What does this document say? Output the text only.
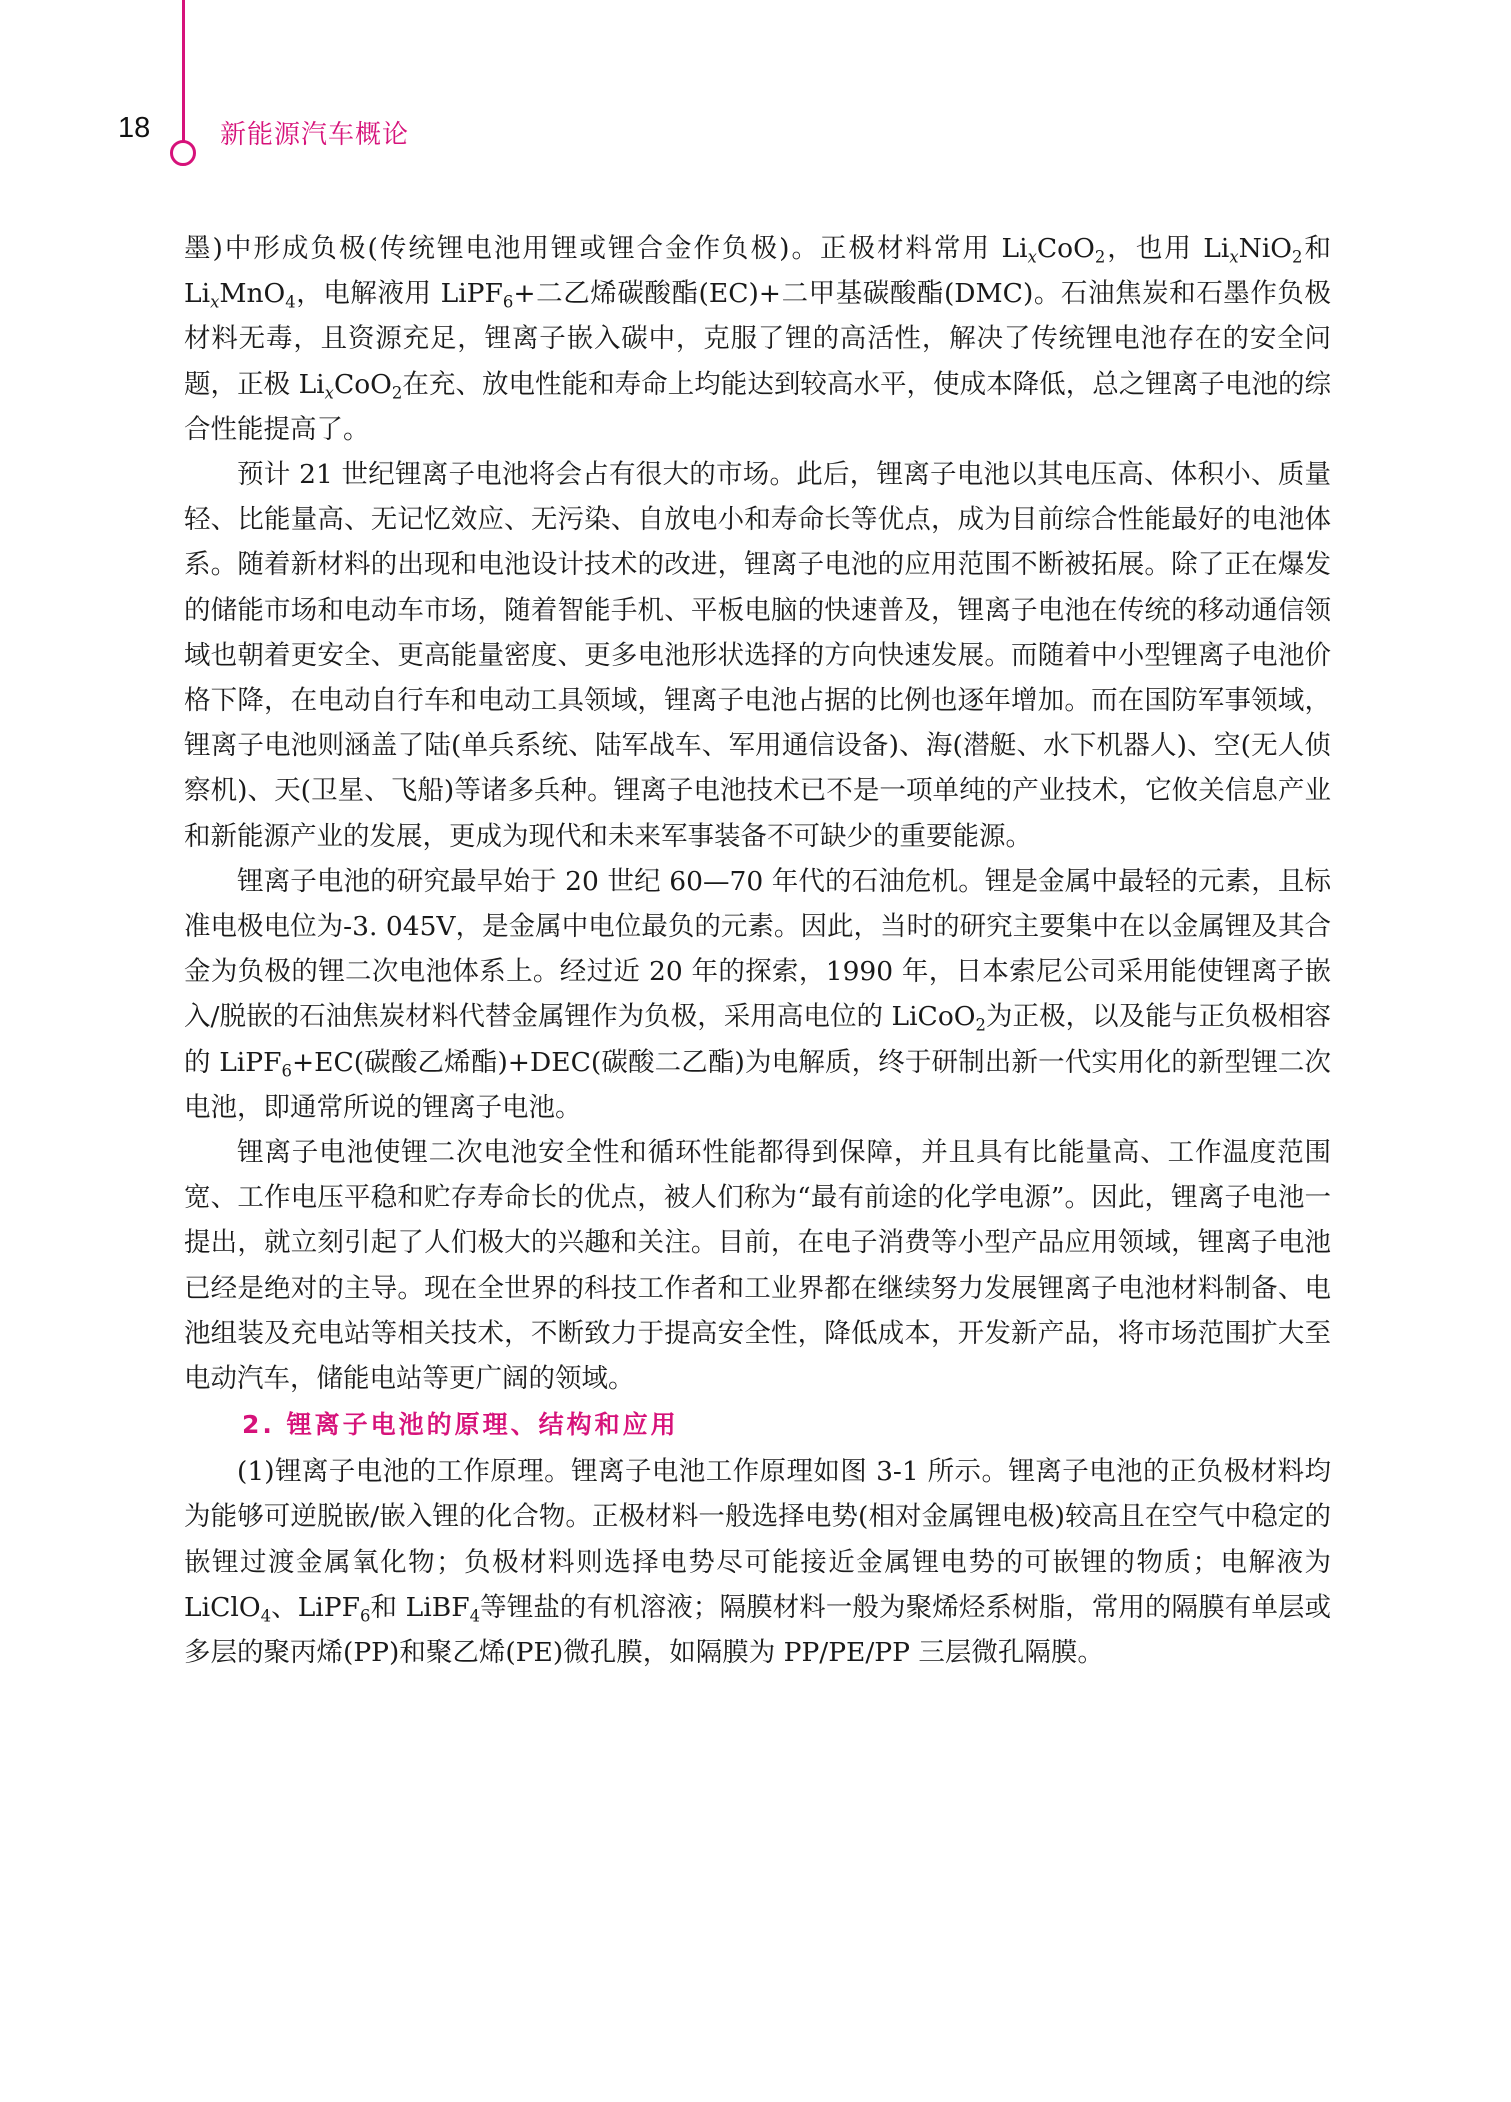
18	新能源汽车概论

墨)中形成负极(传统锂电池用锂或锂合金作负极)。正极材料常用 $Li_xCoO_2$，也用 $Li_xNiO_2$和 $Li_xMnO_4$，电解液用 LiPF$_6$+二乙烯碳酸酯(EC)+二甲基碳酸酯(DMC)。石油焦炭和石墨作负极材料无毒，且资源充足，锂离子嵌入碳中，克服了锂的高活性，解决了传统锂电池存在的安全问题，正极 $Li_xCoO_2$在充、放电性能和寿命上均能达到较高水平，使成本降低，总之锂离子电池的综合性能提高了。

预计 21 世纪锂离子电池将会占有很大的市场。此后，锂离子电池以其电压高、体积小、质量轻、比能量高、无记忆效应、无污染、自放电小和寿命长等优点，成为目前综合性能最好的电池体系。随着新材料的出现和电池设计技术的改进，锂离子电池的应用范围不断被拓展。除了正在爆发的储能市场和电动车市场，随着智能手机、平板电脑的快速普及，锂离子电池在传统的移动通信领域也朝着更安全、更高能量密度、更多电池形状选择的方向快速发展。而随着中小型锂离子电池价格下降，在电动自行车和电动工具领域，锂离子电池占据的比例也逐年增加。而在国防军事领域，锂离子电池则涵盖了陆(单兵系统、陆军战车、军用通信设备)、海(潜艇、水下机器人)、空(无人侦察机)、天(卫星、飞船)等诸多兵种。锂离子电池技术已不是一项单纯的产业技术，它攸关信息产业和新能源产业的发展，更成为现代和未来军事装备不可缺少的重要能源。

锂离子电池的研究最早始于 20 世纪 60—70 年代的石油危机。锂是金属中最轻的元素，且标准电极电位为-3. 045V，是金属中电位最负的元素。因此，当时的研究主要集中在以金属锂及其合金为负极的锂二次电池体系上。经过近 20 年的探索，1990 年，日本索尼公司采用能使锂离子嵌入/脱嵌的石油焦炭材料代替金属锂作为负极，采用高电位的 LiCoO$_2$为正极，以及能与正负极相容的 LiPF$_6$+EC(碳酸乙烯酯)+DEC(碳酸二乙酯)为电解质，终于研制出新一代实用化的新型锂二次电池，即通常所说的锂离子电池。

锂离子电池使锂二次电池安全性和循环性能都得到保障，并且具有比能量高、工作温度范围宽、工作电压平稳和贮存寿命长的优点，被人们称为“最有前途的化学电源”。因此，锂离子电池一提出，就立刻引起了人们极大的兴趣和关注。目前，在电子消费等小型产品应用领域，锂离子电池已经是绝对的主导。现在全世界的科技工作者和工业界都在继续努力发展锂离子电池材料制备、电池组装及充电站等相关技术，不断致力于提高安全性，降低成本，开发新产品，将市场范围扩大至电动汽车，储能电站等更广阔的领域。

2. 锂离子电池的原理、结构和应用

(1)锂离子电池的工作原理。锂离子电池工作原理如图 3-1 所示。锂离子电池的正负极材料均为能够可逆脱嵌/嵌入锂的化合物。正极材料一般选择电势(相对金属锂电极)较高且在空气中稳定的嵌锂过渡金属氧化物；负极材料则选择电势尽可能接近金属锂电势的可嵌锂的物质；电解液为 LiClO$_4$、LiPF$_6$和 LiBF$_4$等锂盐的有机溶液；隔膜材料一般为聚烯烃系树脂，常用的隔膜有单层或多层的聚丙烯(PP)和聚乙烯(PE)微孔膜，如隔膜为 PP/PE/PP 三层微孔隔膜。
